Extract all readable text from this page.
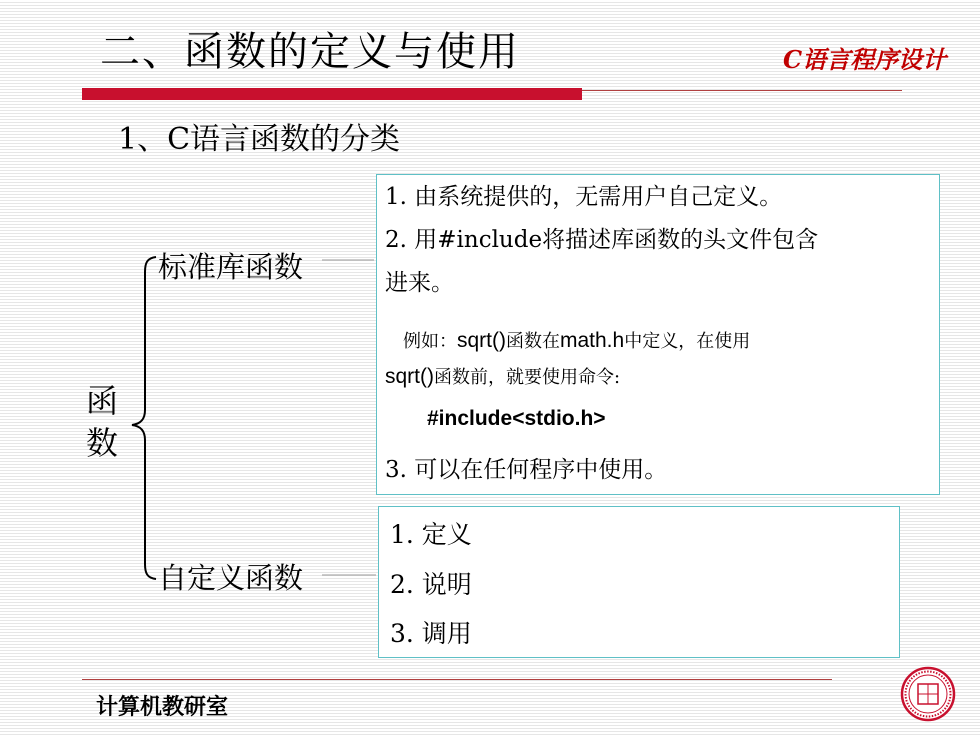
二、函数的定义与使用	C语言程序设计
1、C语言函数的分类
函
数
标准库函数
自定义函数
1. 由系统提供的，无需用户自己定义。
2. 用#include将描述库函数的头文件包含
进来。
例如：sqrt()函数在math.h中定义，在使用
sqrt()函数前，就要使用命令:
#include<stdio.h>
3. 可以在任何程序中使用。
1. 定义
2. 说明
3. 调用
计算机教研室
